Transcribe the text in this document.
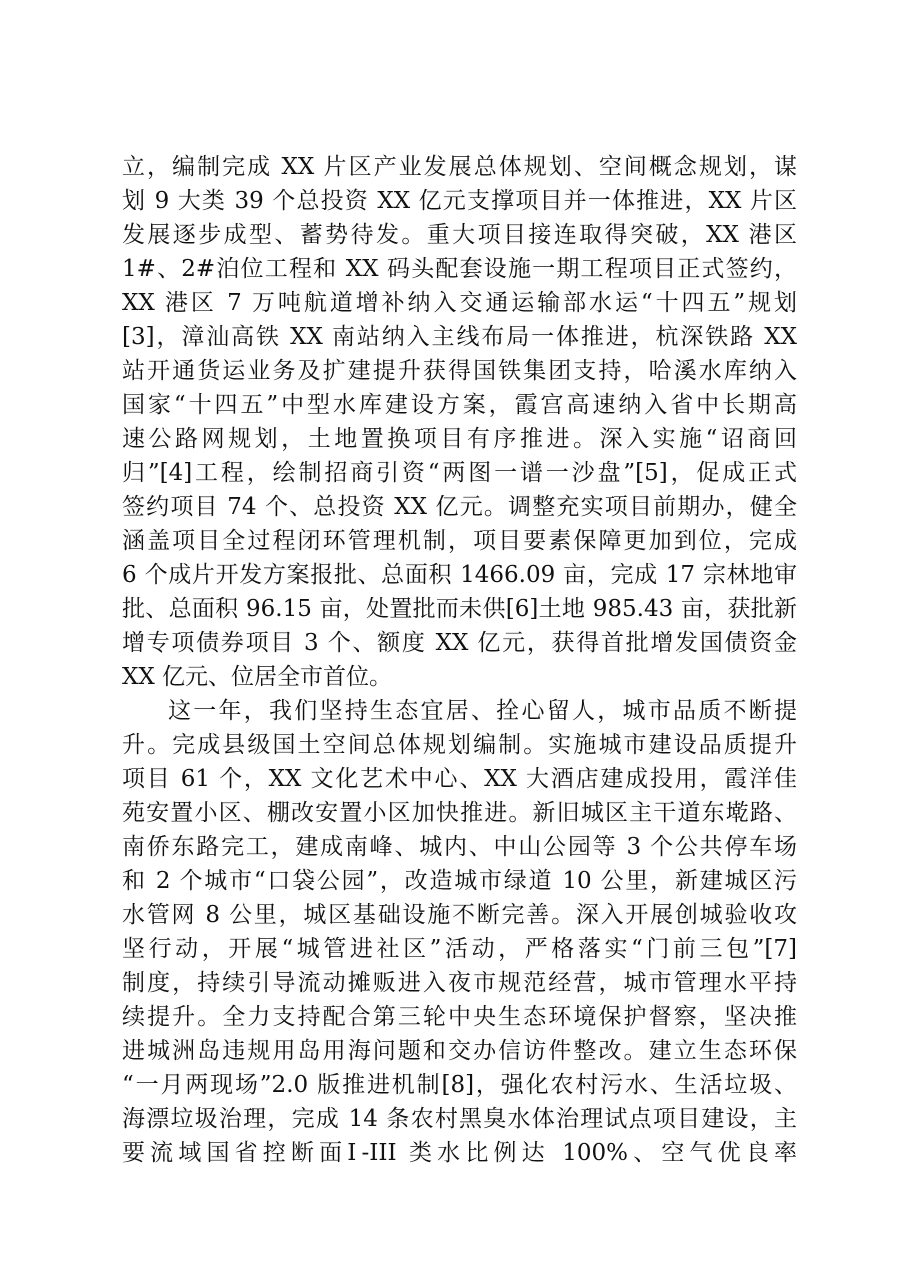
立，编制完成 XX 片区产业发展总体规划、空间概念规划，谋
划 9 大类 39 个总投资 XX 亿元支撑项目并一体推进，XX 片区
发展逐步成型、蓄势待发。重大项目接连取得突破，XX 港区
1#、2#泊位工程和 XX 码头配套设施一期工程项目正式签约，
XX 港区 7 万吨航道增补纳入交通运输部水运“十四五”规划
[3]，漳汕高铁 XX 南站纳入主线布局一体推进，杭深铁路 XX
站开通货运业务及扩建提升获得国铁集团支持，哈溪水库纳入
国家“十四五”中型水库建设方案，霞宫高速纳入省中长期高
速公路网规划，土地置换项目有序推进。深入实施“诏商回
归”[4]工程，绘制招商引资“两图一谱一沙盘”[5]，促成正式
签约项目 74 个、总投资 XX 亿元。调整充实项目前期办，健全
涵盖项目全过程闭环管理机制，项目要素保障更加到位，完成
6 个成片开发方案报批、总面积 1466.09 亩，完成 17 宗林地审
批、总面积 96.15 亩，处置批而未供[6]土地 985.43 亩，获批新
增专项债券项目 3 个、额度 XX 亿元，获得首批增发国债资金
XX 亿元、位居全市首位。
这一年，我们坚持生态宜居、拴心留人，城市品质不断提
升。完成县级国土空间总体规划编制。实施城市建设品质提升
项目 61 个，XX 文化艺术中心、XX 大酒店建成投用，霞洋佳
苑安置小区、棚改安置小区加快推进。新旧城区主干道东墘路、
南侨东路完工，建成南峰、城内、中山公园等 3 个公共停车场
和 2 个城市“口袋公园”，改造城市绿道 10 公里，新建城区污
水管网 8 公里，城区基础设施不断完善。深入开展创城验收攻
坚行动，开展“城管进社区”活动，严格落实“门前三包”[7]
制度，持续引导流动摊贩进入夜市规范经营，城市管理水平持
续提升。全力支持配合第三轮中央生态环境保护督察，坚决推
进城洲岛违规用岛用海问题和交办信访件整改。建立生态环保
“一月两现场”2.0 版推进机制[8]，强化农村污水、生活垃圾、
海漂垃圾治理，完成 14 条农村黑臭水体治理试点项目建设，主
要流域国省控断面Ⅰ-III 类水比例达 100%、空气优良率
